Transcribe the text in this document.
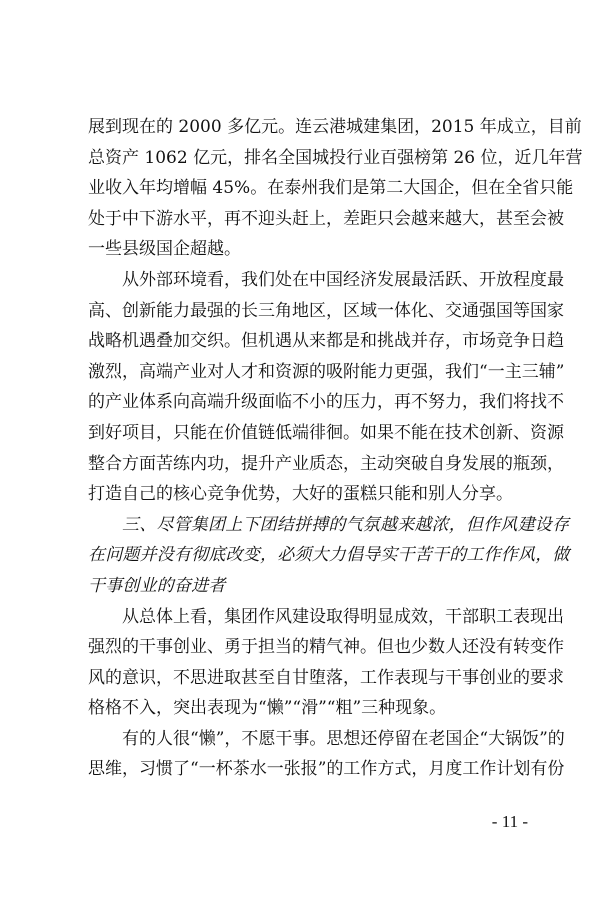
展到现在的 2000 多亿元。连云港城建集团，2015 年成立，目前
总资产 1062 亿元，排名全国城投行业百强榜第 26 位，近几年营
业收入年均增幅 45%。在泰州我们是第二大国企，但在全省只能
处于中下游水平，再不迎头赶上，差距只会越来越大，甚至会被
一些县级国企超越。
从外部环境看，我们处在中国经济发展最活跃、开放程度最
高、创新能力最强的长三角地区，区域一体化、交通强国等国家
战略机遇叠加交织。但机遇从来都是和挑战并存，市场竞争日趋
激烈，高端产业对人才和资源的吸附能力更强，我们“一主三辅”
的产业体系向高端升级面临不小的压力，再不努力，我们将找不
到好项目，只能在价值链低端徘徊。如果不能在技术创新、资源
整合方面苦练内功，提升产业质态，主动突破自身发展的瓶颈，
打造自己的核心竞争优势，大好的蛋糕只能和别人分享。
三、尽管集团上下团结拼搏的气氛越来越浓，但作风建设存
在问题并没有彻底改变，必须大力倡导实干苦干的工作作风，做
干事创业的奋进者
从总体上看，集团作风建设取得明显成效，干部职工表现出
强烈的干事创业、勇于担当的精气神。但也少数人还没有转变作
风的意识，不思进取甚至自甘堕落，工作表现与干事创业的要求
格格不入，突出表现为“懒”“滑”“粗”三种现象。
有的人很“懒”，不愿干事。思想还停留在老国企“大锅饭”的
思维，习惯了“一杯茶水一张报”的工作方式，月度工作计划有份
- 11 -
